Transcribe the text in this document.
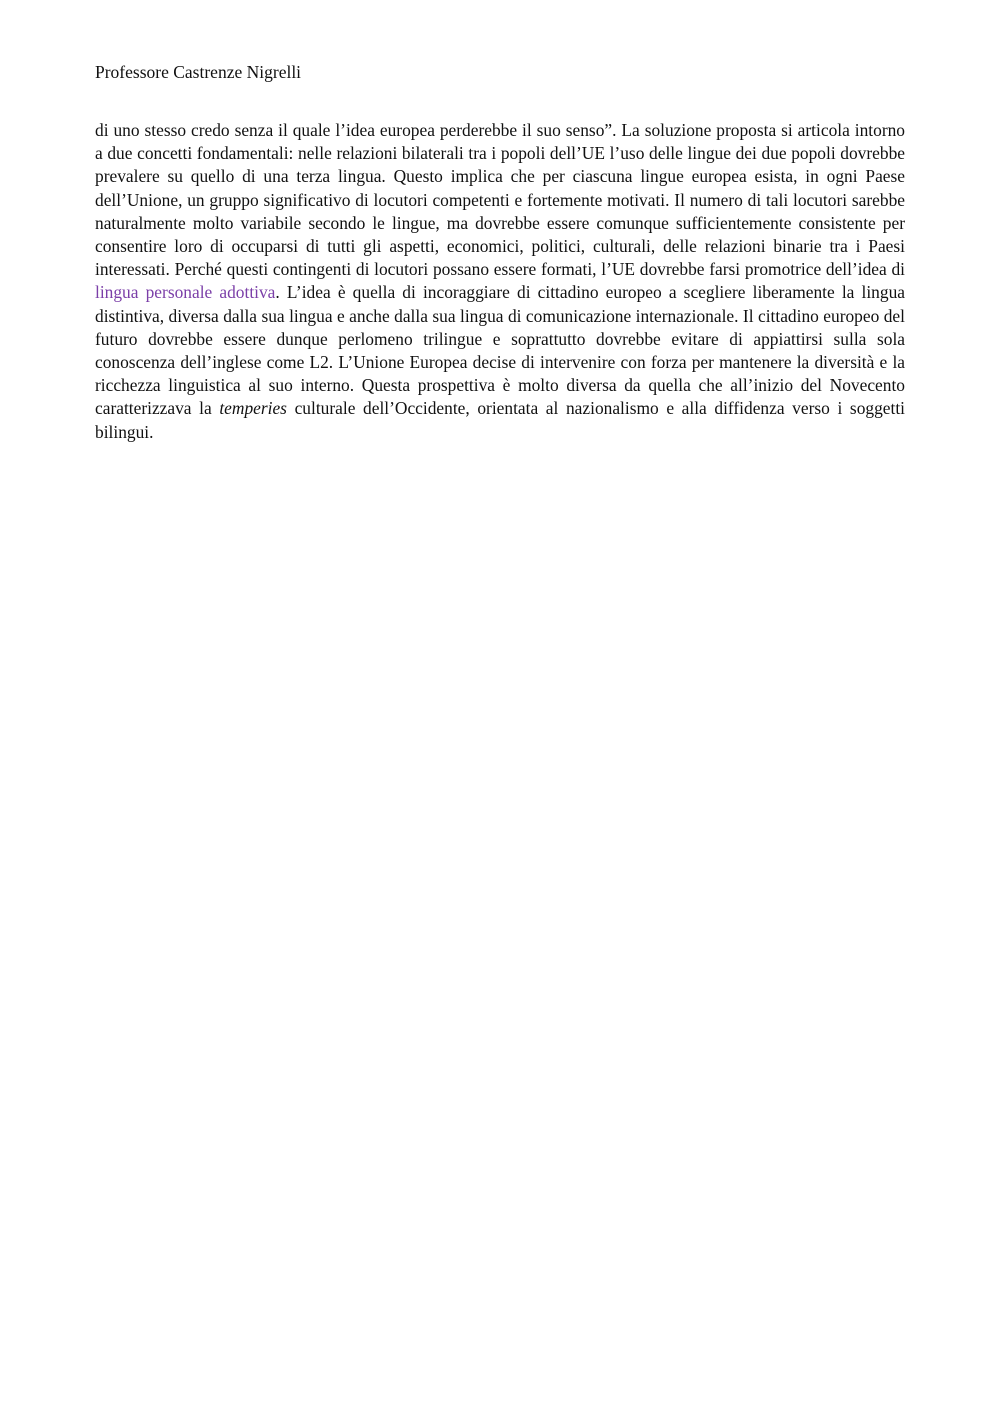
Professore Castrenze Nigrelli

di uno stesso credo senza il quale l’idea europea perderebbe il suo senso”. La soluzione proposta si articola intorno a due concetti fondamentali: nelle relazioni bilaterali tra i popoli dell’UE l’uso delle lingue dei due popoli dovrebbe prevalere su quello di una terza lingua. Questo implica che per ciascuna lingue europea esista, in ogni Paese dell’Unione, un gruppo significativo di locutori competenti e fortemente motivati. Il numero di tali locutori sarebbe naturalmente molto variabile secondo le lingue, ma dovrebbe essere comunque sufficientemente consistente per consentire loro di occuparsi di tutti gli aspetti, economici, politici, culturali, delle relazioni binarie tra i Paesi interessati. Perché questi contingenti di locutori possano essere formati, l’UE dovrebbe farsi promotrice dell’idea di lingua personale adottiva. L’idea è quella di incoraggiare di cittadino europeo a scegliere liberamente la lingua distintiva, diversa dalla sua lingua e anche dalla sua lingua di comunicazione internazionale. Il cittadino europeo del futuro dovrebbe essere dunque perlomeno trilingue e soprattutto dovrebbe evitare di appiattirsi sulla sola conoscenza dell’inglese come L2. L’Unione Europea decise di intervenire con forza per mantenere la diversità e la ricchezza linguistica al suo interno. Questa prospettiva è molto diversa da quella che all’inizio del Novecento caratterizzava la temperies culturale dell’Occidente, orientata al nazionalismo e alla diffidenza verso i soggetti bilingui.
